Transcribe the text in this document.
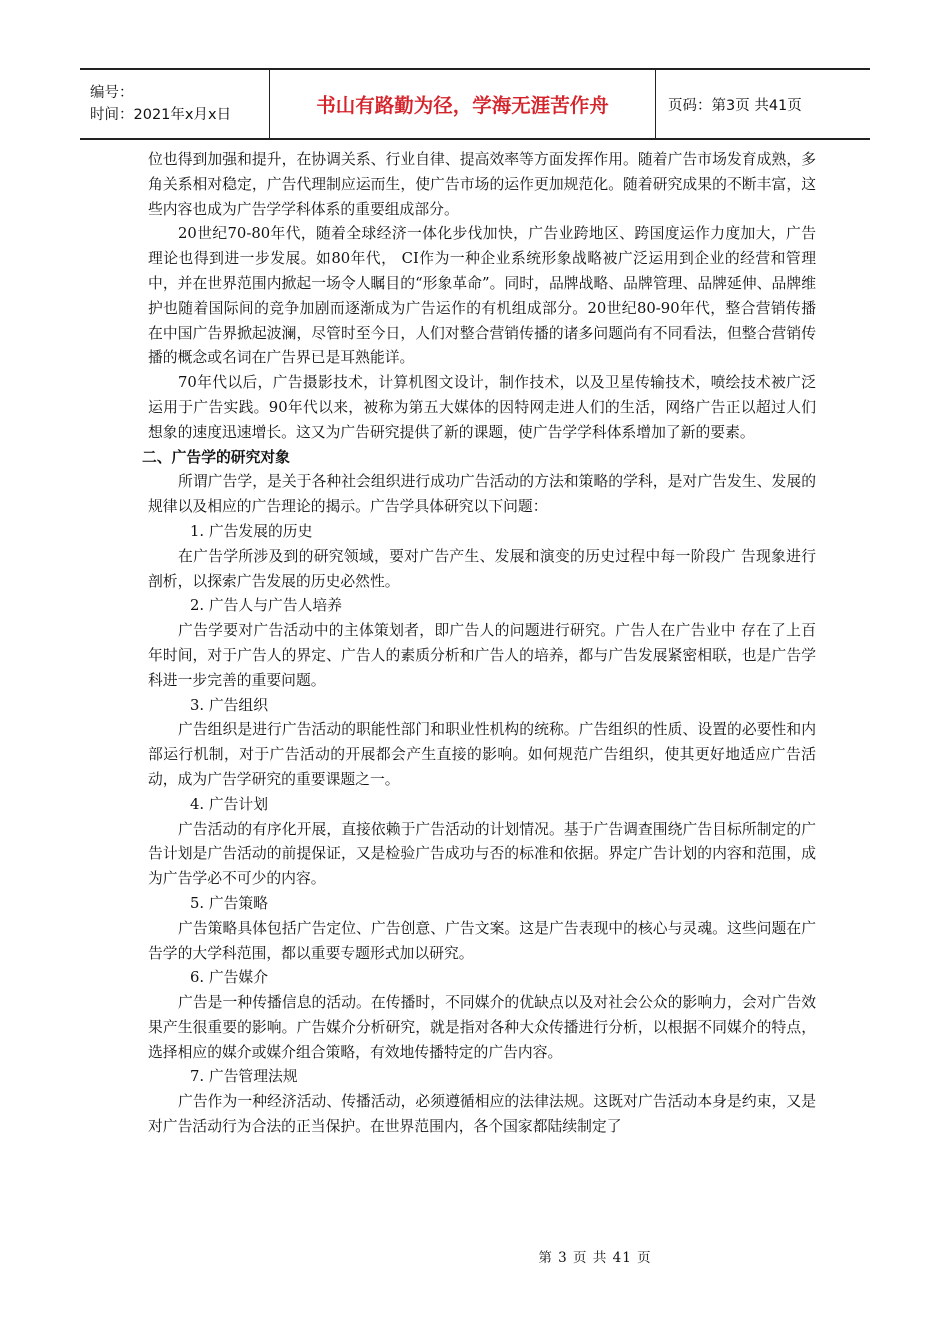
编号：
时间：2021年x月x日	书山有路勤为径，学海无涯苦作舟	页码：第3页 共41页

位也得到加强和提升，在协调关系、行业自律、提高效率等方面发挥作用。随着广告市场发育成熟，多角关系相对稳定，广告代理制应运而生，使广告市场的运作更加规范化。随着研究成果的不断丰富，这些内容也成为广告学学科体系的重要组成部分。

20世纪70-80年代，随着全球经济一体化步伐加快，广告业跨地区、跨国度运作力度加大，广告理论也得到进一步发展。如80年代， CI作为一种企业系统形象战略被广泛运用到企业的经营和管理中，并在世界范围内掀起一场令人瞩目的“形象革命”。同时，品牌战略、品牌管理、品牌延伸、品牌维护也随着国际间的竞争加剧而逐渐成为广告运作的有机组成部分。20世纪80-90年代，整合营销传播在中国广告界掀起波澜，尽管时至今日，人们对整合营销传播的诸多问题尚有不同看法，但整合营销传播的概念或名词在广告界已是耳熟能详。

70年代以后，广告摄影技术，计算机图文设计，制作技术，以及卫星传输技术，喷绘技术被广泛运用于广告实践。90年代以来，被称为第五大媒体的因特网走进人们的生活，网络广告正以超过人们想象的速度迅速增长。这又为广告研究提供了新的课题，使广告学学科体系增加了新的要素。

二、广告学的研究对象

所谓广告学，是关于各种社会组织进行成功广告活动的方法和策略的学科，是对广告发生、发展的规律以及相应的广告理论的揭示。广告学具体研究以下问题：

1. 广告发展的历史

在广告学所涉及到的研究领域，要对广告产生、发展和演变的历史过程中每一阶段广 告现象进行剖析，以探索广告发展的历史必然性。

2. 广告人与广告人培养

广告学要对广告活动中的主体策划者，即广告人的问题进行研究。广告人在广告业中 存在了上百年时间，对于广告人的界定、广告人的素质分析和广告人的培养，都与广告发展紧密相联，也是广告学科进一步完善的重要问题。

3. 广告组织

广告组织是进行广告活动的职能性部门和职业性机构的统称。广告组织的性质、设置的必要性和内部运行机制，对于广告活动的开展都会产生直接的影响。如何规范广告组织，使其更好地适应广告活动，成为广告学研究的重要课题之一。

4. 广告计划

广告活动的有序化开展，直接依赖于广告活动的计划情况。基于广告调查围绕广告目标所制定的广告计划是广告活动的前提保证，又是检验广告成功与否的标准和依据。界定广告计划的内容和范围，成为广告学必不可少的内容。

5. 广告策略

广告策略具体包括广告定位、广告创意、广告文案。这是广告表现中的核心与灵魂。这些问题在广告学的大学科范围，都以重要专题形式加以研究。

6. 广告媒介

广告是一种传播信息的活动。在传播时，不同媒介的优缺点以及对社会公众的影响力，会对广告效果产生很重要的影响。广告媒介分析研究，就是指对各种大众传播进行分析，以根据不同媒介的特点，选择相应的媒介或媒介组合策略，有效地传播特定的广告内容。

7. 广告管理法规

广告作为一种经济活动、传播活动，必须遵循相应的法律法规。这既对广告活动本身是约束，又是对广告活动行为合法的正当保护。在世界范围内，各个国家都陆续制定了

第 3 页 共 41 页
